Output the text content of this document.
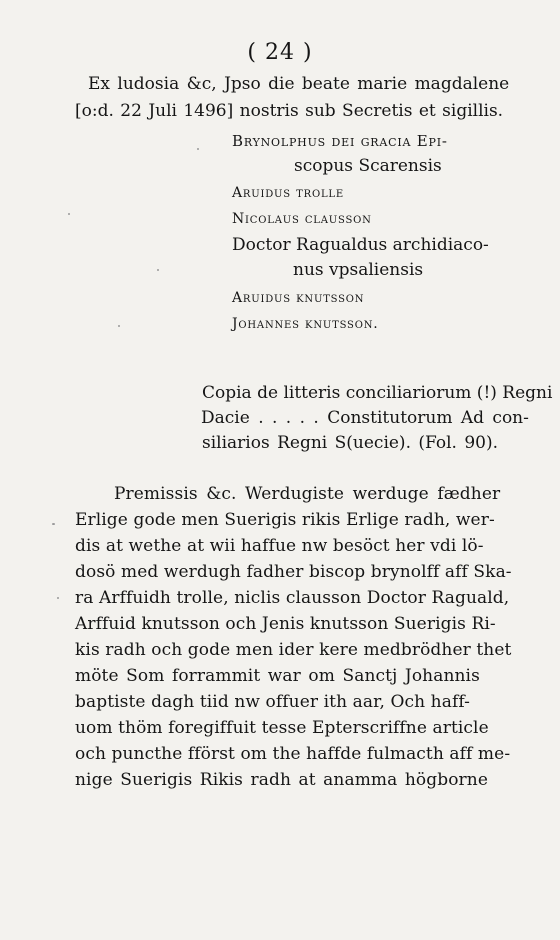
( 24 )
Ex ludosia &c, Jpso die beate marie magdalene
[o:d. 22 Juli 1496] nostris sub Secretis et sigillis.
Brynolphus dei gracia Epi-
scopus Scarensis
Aruidus trolle
Nicolaus clausson
Doctor Ragualdus archidiaco-
nus vpsaliensis
Aruidus knutsson
Johannes knutsson.
Copia de litteris conciliariorum (!) Regni
Dacie . . . . . Constitutorum Ad con-
siliarios Regni S(uecie). (Fol. 90).
Premissis &c. Werdugiste werduge fædher
Erlige gode men Suerigis rikis Erlige radh, wer-
dis at wethe at wii haffue nw besöct her vdi lö-
dosö med werdugh fadher biscop brynolff aff Ska-
ra Arffuidh trolle, niclis clausson Doctor Raguald,
Arffuid knutsson och Jenis knutsson Suerigis Ri-
kis radh och gode men ider kere medbrödher thet
möte Som forrammit war om Sanctj Johannis
baptiste dagh tiid nw offuer ith aar, Och haff-
uom thöm foregiffuit tesse Epterscriffne article
och puncthe fförst om the haffde fulmacth aff me-
nige Suerigis Rikis radh at anamma högborne
